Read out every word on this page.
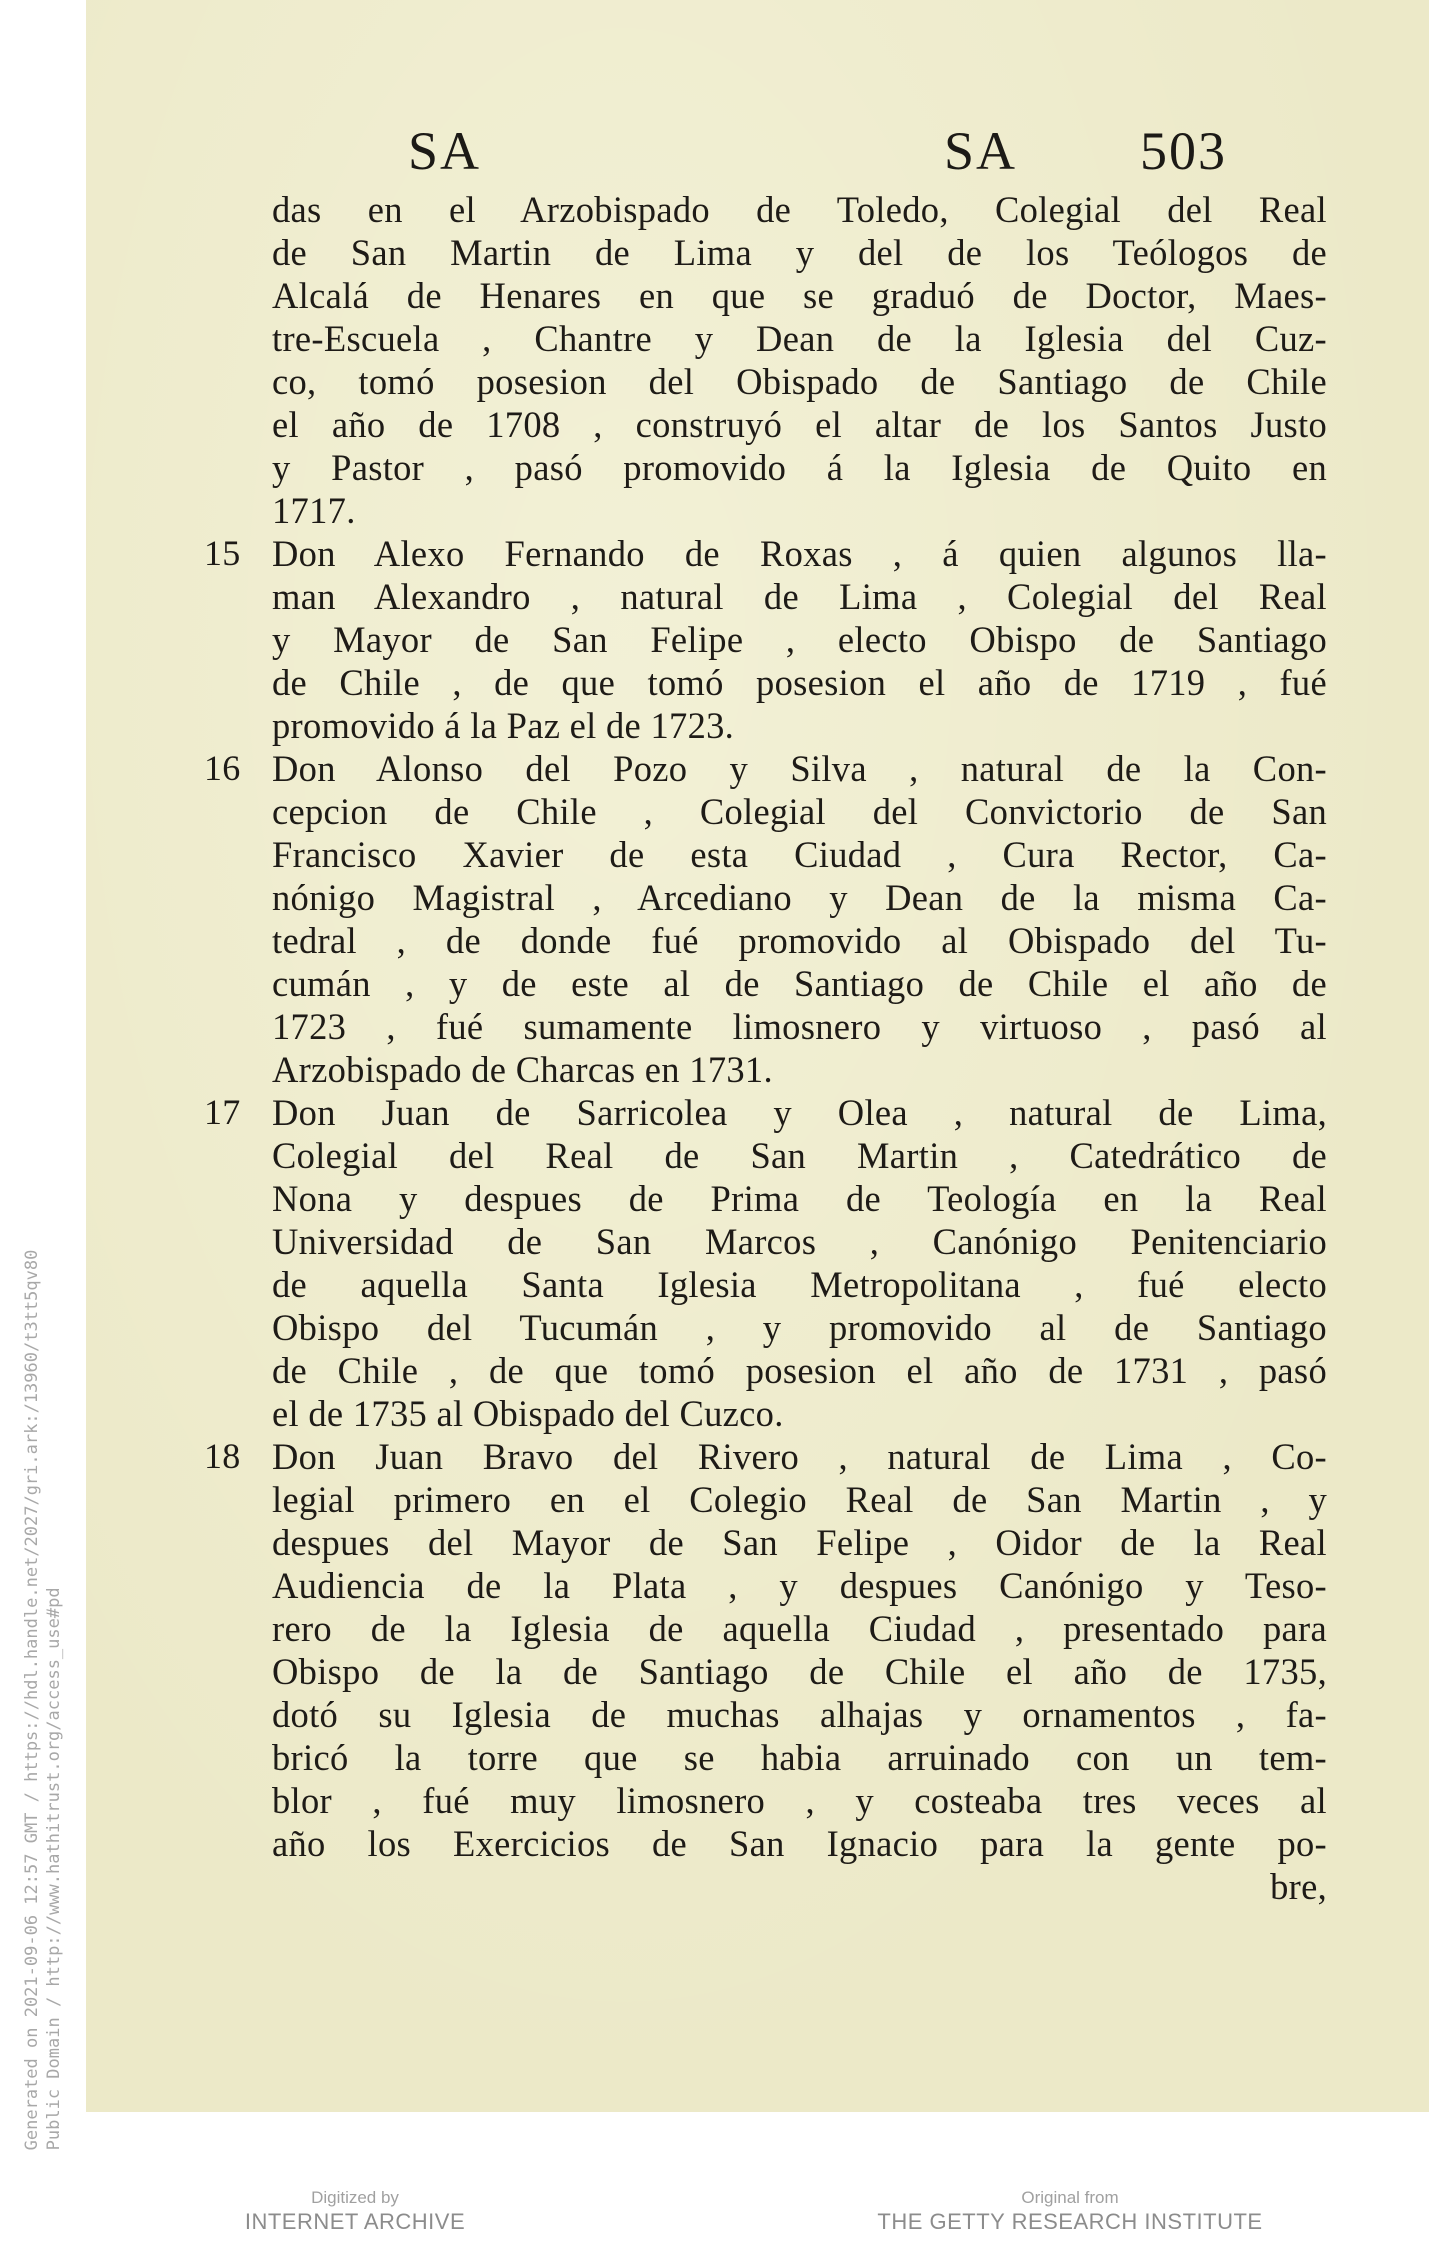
Generated on 2021-09-06 12:57 GMT / https://hdl.handle.net/2027/gri.ark:/13960/t3tt5qv80 Public Domain / http://www.hathitrust.org/access_use#pd
SA	SA 503
das en el Arzobispado de Toledo, Colegial del Real
de San Martin de Lima y del de los Teólogos de
Alcalá de Henares en que se graduó de Doctor, Maes-
tre-Escuela , Chantre y Dean de la Iglesia del Cuz-
co, tomó posesion del Obispado de Santiago de Chile
el año de 1708 , construyó el altar de los Santos Justo
y Pastor , pasó promovido á la Iglesia de Quito en
1717.
15 Don Alexo Fernando de Roxas , á quien algunos lla-
man Alexandro , natural de Lima , Colegial del Real
y Mayor de San Felipe , electo Obispo de Santiago
de Chile , de que tomó posesion el año de 1719 , fué
promovido á la Paz el de 1723.
16 Don Alonso del Pozo y Silva , natural de la Con-
cepcion de Chile , Colegial del Convictorio de San
Francisco Xavier de esta Ciudad , Cura Rector, Ca-
nónigo Magistral , Arcediano y Dean de la misma Ca-
tedral , de donde fué promovido al Obispado del Tu-
cumán , y de este al de Santiago de Chile el año de
1723 , fué sumamente limosnero y virtuoso , pasó al
Arzobispado de Charcas en 1731.
17 Don Juan de Sarricolea y Olea , natural de Lima,
Colegial del Real de San Martin , Catedrático de
Nona y despues de Prima de Teología en la Real
Universidad de San Marcos , Canónigo Penitenciario
de aquella Santa Iglesia Metropolitana , fué electo
Obispo del Tucumán , y promovido al de Santiago
de Chile , de que tomó posesion el año de 1731 , pasó
el de 1735 al Obispado del Cuzco.
18 Don Juan Bravo del Rivero , natural de Lima , Co-
legial primero en el Colegio Real de San Martin , y
despues del Mayor de San Felipe , Oidor de la Real
Audiencia de la Plata , y despues Canónigo y Teso-
rero de la Iglesia de aquella Ciudad , presentado para
Obispo de la de Santiago de Chile el año de 1735,
dotó su Iglesia de muchas alhajas y ornamentos , fa-
bricó la torre que se habia arruinado con un tem-
blor , fué muy limosnero , y costeaba tres veces al
año los Exercicios de San Ignacio para la gente po-
bre,
Digitized by
INTERNET ARCHIVE
Original from
THE GETTY RESEARCH INSTITUTE
